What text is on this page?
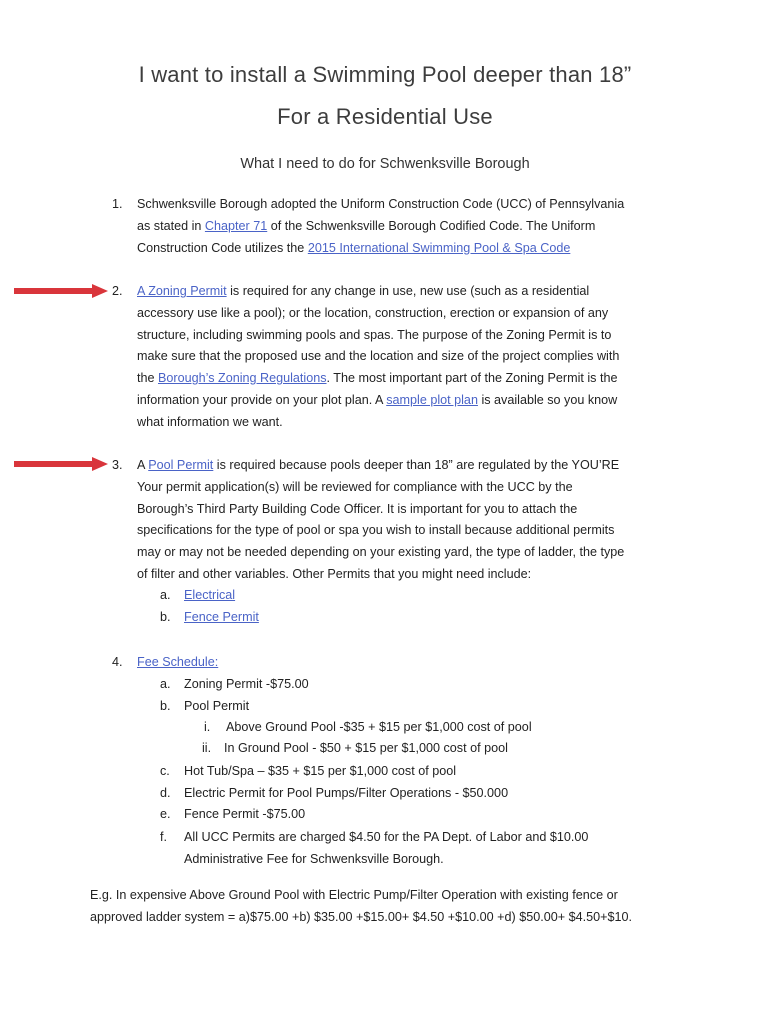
I want to install a Swimming Pool deeper than 18”
For a Residential Use
What I need to do for Schwenksville Borough
1.	Schwenksville Borough adopted the Uniform Construction Code (UCC) of Pennsylvania
as stated in Chapter 71 of the Schwenksville Borough Codified Code. The Uniform
Construction Code utilizes the 2015 International Swimming Pool & Spa Code
2.	A Zoning Permit is required for any change in use, new use (such as a residential
accessory use like a pool); or the location, construction, erection or expansion of any
structure, including swimming pools and spas. The purpose of the Zoning Permit is to
make sure that the proposed use and the location and size of the project complies with
the Borough’s Zoning Regulations. The most important part of the Zoning Permit is the
information your provide on your plot plan. A sample plot plan is available so you know
what information we want.
3.	A Pool Permit is required because pools deeper than 18” are regulated by the YOU’RE
Your permit application(s) will be reviewed for compliance with the UCC by the
Borough’s Third Party Building Code Officer. It is important for you to attach the
specifications for the type of pool or spa you wish to install because additional permits
may or may not be needed depending on your existing yard, the type of ladder, the type
of filter and other variables. Other Permits that you might need include:
a. Electrical
b. Fence Permit
4.	Fee Schedule:
a. Zoning Permit -$75.00
b. Pool Permit
i. Above Ground Pool -$35 + $15 per $1,000 cost of pool
ii. In Ground Pool - $50 + $15 per $1,000 cost of pool
c. Hot Tub/Spa – $35 + $15 per $1,000 cost of pool
d. Electric Permit for Pool Pumps/Filter Operations - $50.000
e. Fence Permit -$75.00
f. All UCC Permits are charged $4.50 for the PA Dept. of Labor and $10.00
Administrative Fee for Schwenksville Borough.
E.g. In expensive Above Ground Pool with Electric Pump/Filter Operation with existing fence or
approved ladder system = a)$75.00 +b) $35.00 +$15.00+ $4.50 +$10.00 +d) $50.00+ $4.50+$10.
